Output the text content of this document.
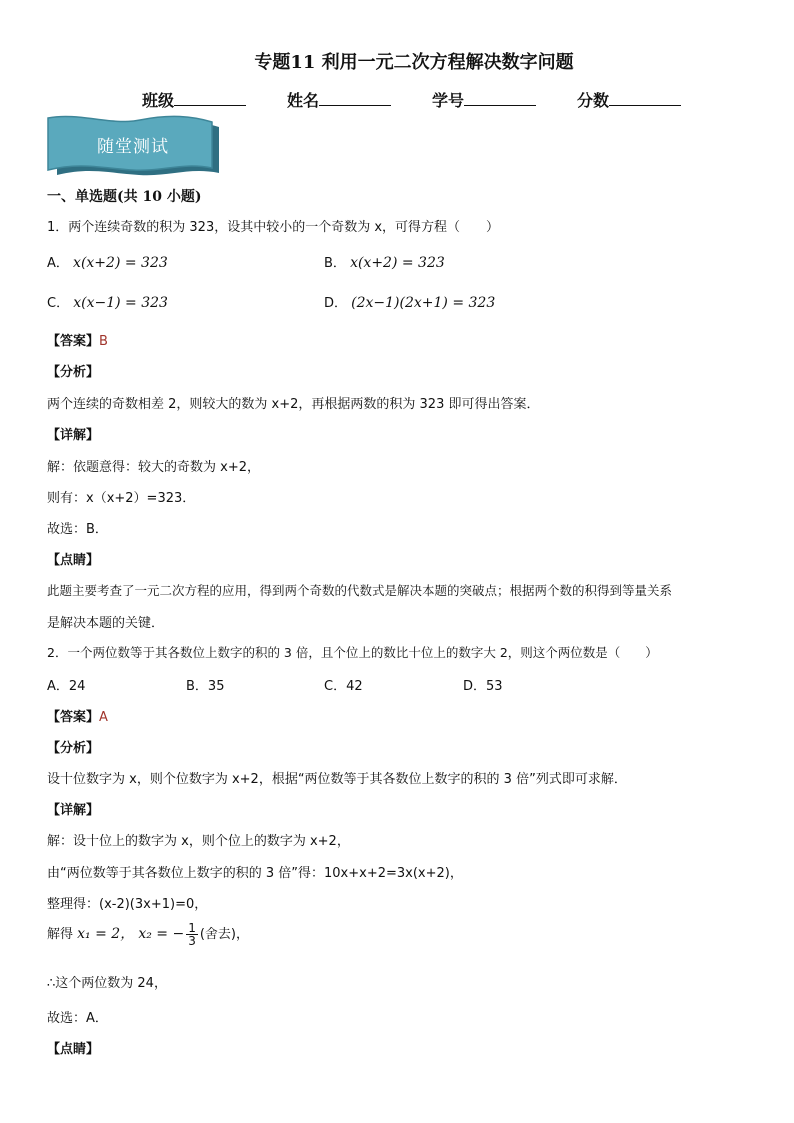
专题11 利用一元二次方程解决数字问题
班级	姓名	学号	分数
随堂测试
一、单选题(共 10 小题)
1．两个连续奇数的积为 323，设其中较小的一个奇数为 x，可得方程（　　）
A． x(x+2) = 323	B． x(x+2) = 323
C． x(x−1) = 323	D． (2x−1)(2x+1) = 323
【答案】B
【分析】
两个连续的奇数相差 2，则较大的数为 x+2，再根据两数的积为 323 即可得出答案．
【详解】
解：依题意得：较大的奇数为 x+2，
则有：x（x+2）=323．
故选：B．
【点睛】
此题主要考查了一元二次方程的应用，得到两个奇数的代数式是解决本题的突破点；根据两个数的积得到等量关系
是解决本题的关键．
2．一个两位数等于其各数位上数字的积的 3 倍，且个位上的数比十位上的数字大 2，则这个两位数是（　　）
A．24	B．35	C．42	D．53
【答案】A
【分析】
设十位数字为 x，则个位数字为 x+2，根据“两位数等于其各数位上数字的积的 3 倍”列式即可求解．
【详解】
解：设十位上的数字为 x，则个位上的数字为 x+2，
由“两位数等于其各数位上数字的积的 3 倍”得：10x+x+2=3x(x+2)，
整理得：(x-2)(3x+1)=0，
解得 x₁ = 2， x₂ = − $\frac{1}{3}$ (舍去)，
∴这个两位数为 24，
故选：A．
【点睛】
